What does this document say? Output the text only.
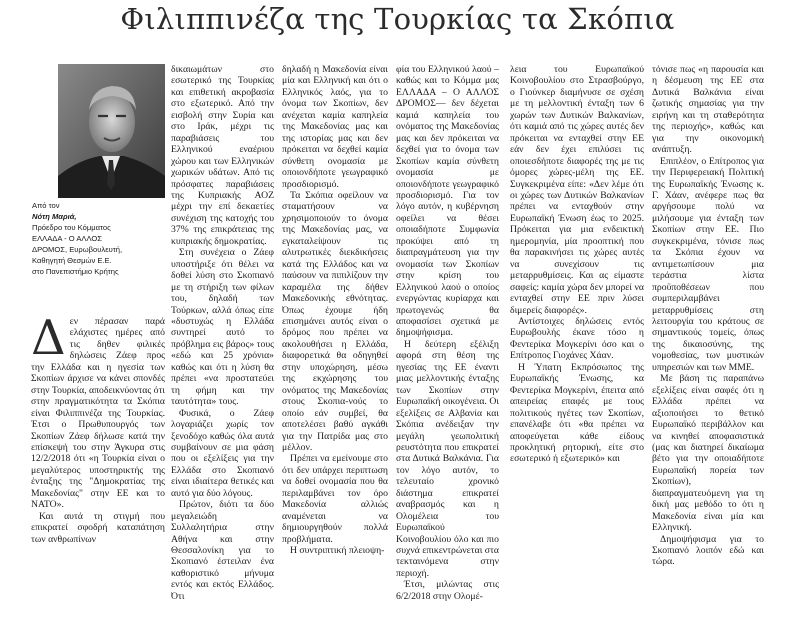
Φιλιππινέζα της Τουρκίας τα Σκόπια
Από τον
Νότη Μαριά,
Πρόεδρο του Κόμματος
ΕΛΛΑΔΑ - Ο ΑΛΛΟΣ
ΔΡΟΜΟΣ, Ευρωβουλευτή,
Καθηγητή Θεσμών Ε.Ε.
στο Πανεπιστήμιο Κρήτης
Δ εν πέρασαν παρά ελάχιστες ημέρες από τις δηθεν φιλικές δηλώσεις Ζάεφ προς την Ελλάδα και η ηγεσία των Σκοπίων άρχισε να κάνει σπονδές στην Τουρκία, αποδεικνύοντας ότι στην πραγματικότητα τα Σκόπια είναι Φιλιππινέζα της Τουρκίας. Έτσι ο Πρωθυπουργός των Σκοπίων Ζάεφ δήλωσε κατά την επίσκεψή του στην Άγκυρα στις 12/2/2018 ότι «η Τουρκία είναι ο μεγαλύτερος υποστηρικτής της ένταξης της "Δημοκρατίας της Μακεδονίας" στην ΕΕ και το ΝΑΤΟ».

Και αυτά τη στιγμή που επικρατεί σφοδρή καταπάτηση των ανθρωπίνων

δικαιωμάτων στο εσωτερικό της Τουρκίας και επιθετική ακροβασία στο εξωτερικό. Από την εισβολή στην Συρία και στο Ιράκ, μέχρι τις παραβιάσεις του Ελληνικού εναέριου χώρου και των Ελληνικών χωρικών υδάτων. Από τις πρόσφατες παραβιάσεις της Κυπριακής ΑΟΖ μέχρι την επί δεκαετίες συνέχιση της κατοχής του 37% της επικράτειας της κυπριακής δημοκρατίας.

Στη συνέχεια ο Ζάεφ υποστήριξε ότι θέλει να δοθεί λύση στο Σκοπιανό με τη στήριξη των φίλων του, δηλαδή των Τούρκων, αλλά όπως είπε «δυστυχώς η Ελλάδα συντηρεί αυτό το πρόβλημα εις βάρος» τους «εδώ και 25 χρόνια» καθώς και ότι η λύση θα πρέπει «να προστατεύει τη φήμη και την ταυτότητα» τους.

Φυσικά, ο Ζάεφ λογαριάζει χωρίς τον ξενοδόχο καθώς όλα αυτά συμβαίνουν σε μια φάση που οι εξελίξεις για την Ελλάδα στο Σκοπιανό είναι ιδιαίτερα θετικές και αυτό για δύο λόγους.

Πρώτον, διότι τα δύο μεγαλειώδη Συλλαλητήρια στην Αθήνα και στην Θεσσαλονίκη για το Σκοπιανό έστειλαν ένα καθοριστικό μήνυμα εντός και εκτός Ελλάδος. Ότι

δηλαδή η Μακεδονία είναι μία και Ελληνική και ότι ο Ελληνικός λαός, για το όνομα των Σκοπίων, δεν ανέχεται καμία καπηλεία της Μακεδονίας μας και της ιστορίας μας και δεν πρόκειται να δεχθεί καμία σύνθετη ονομασία με οποιονδήποτε γεωγραφικό προσδιορισμό.

Τα Σκόπια οφείλουν να σταματήσουν να χρησιμοποιούν το όνομα της Μακεδονίας μας, να εγκαταλείψουν τις αλυτρωτικές διεκδικήσεις κατά της Ελλάδος και να παύσουν να πιπιλίζουν την καραμέλα της δήθεν Μακεδονικής εθνότητας. Όπως έχουμε ήδη επισημάνει αυτός είναι ο δρόμος που πρέπει να ακολουθήσει η Ελλάδα, διαφορετικά θα οδηγηθεί στην υποχώρηση, μέσω της εκχώρησης του ονόματος της Μακεδονίας στους Σκοπια-νούς το οποίο εάν συμβεί, θα αποτελέσει βαθύ αγκάθι για την Πατρίδα μας στο μέλλον.

Πρέπει να εμείνουμε στο ότι δεν υπάρχει περιπτωση να δοθεί ονομασία που θα περιλαμβάνει τον όρο Μακεδονία αλλιώς αναμένεται να δημιουργηθούν πολλά προβλήματα.

Η συντριπτική πλειοψη-

φία του Ελληνικού λαού –καθώς και το Κόμμα μας ΕΛΛΑΔΑ – Ο ΑΛΛΟΣ ΔΡΟΜΟΣ— δεν δέχεται καμιά καπηλεία του ονόματος της Μακεδονίας μας και δεν πρόκειται να δεχθεί για το όνομα των Σκοπίων καμία σύνθετη ονομασία με οποιονδήποτε γεωγραφικό προσδιορισμό. Για τον λόγο αυτόν, η κυβέρνηση οφείλει να θέσει οποιαδήποτε Συμφωνία προκύψει από τη διαπραγμάτευση για την ονομασία των Σκοπίων στην κρίση του Ελληνικού λαού ο οποίος ενεργώντας κυρίαρχα και πρωτογενώς θα αποφασίσει σχετικά με δημοψήφισμα.

Η δεύτερη εξέλιξη αφορά στη θέση της ηγεσίας της ΕΕ έναντι μιας μελλοντικής ένταξης των Σκοπίων στην Ευρωπαϊκή οικογένεια. Οι εξελίξεις σε Αλβανία και Σκόπια ανέδειξαν την μεγάλη γεωπολιτική ρευστότητα που επικρατεί στα Δυτικά Βαλκάνια. Για τον λόγο αυτόν, το τελευταίο χρονικό διάστημα επικρατεί αναβρασμός και η Ολομέλεια του Ευρωπαϊκού Κοινοβουλίου όλο και πιο συχνά επικεντρώνεται στα τεκταινόμενα στην περιοχή.

Έτσι, μιλώντας στις 6/2/2018 στην Ολομέ-

λεια του Ευρωπαϊκού Κοινοβουλίου στο Στρασβούργο, ο Γιούνκερ διαμήνυσε σε σχέση με τη μελλοντική ένταξη των 6 χωρών των Δυτικών Βαλκανίων, ότι καμιά από τις χώρες αυτές δεν πρόκειται να ενταχθεί στην ΕΕ εάν δεν έχει επιλύσει τις οποιεσδήποτε διαφορές της με τις όμορες χώρες-μέλη της ΕΕ. Συγκεκριμένα είπε: «Δεν λέμε ότι οι χώρες των Δυτικών Βαλκανίων πρέπει να ενταχθούν στην Ευρωπαϊκή Ένωση έως το 2025. Πρόκειται για μια ενδεικτική ημερομηνία, μία προοπτική που θα παρακινήσει τις χώρες αυτές να συνεχίσουν τις μεταρρυθμίσεις. Και ας είμαστε σαφείς: καμία χώρα δεν μπορεί να ενταχθεί στην ΕΕ πριν λύσει διμερείς διαφορές».

Αντίστοιχες δηλώσεις εντός Ευρωβουλής έκανε τόσο η Φεντερίκα Μογκερίνι όσο και ο Επίτροπος Γιοχάνες Χάαν.

Η Ύπατη Εκπρόσωπος της Ευρωπαϊκής Ένωσης, κα Φεντερίκα Μογκερίνι, έπειτα από απειρείας επαφές με τους πολιτικούς ηγέτες των Σκοπίων, επανέλαβε ότι «θα πρέπει να αποφεύγεται κάθε είδους προκλητική ρητορική, είτε στο εσωτερικό ή εξωτερικό» και

τόνισε πως «η παρουσία και η δέσμευση της ΕΕ στα Δυτικά Βαλκάνια είναι ζωτικής σημασίας για την ειρήνη και τη σταθερότητα της περιοχής», καθώς και για την οικονομική ανάπτυξη.

Επιπλέον, ο Επίτροπος για την Περιφερειακή Πολιτική της Ευρωπαϊκής Ένωσης κ. Γ. Χάαν, ανέφερε πως θα αργήσουμε πολύ να μιλήσουμε για ένταξη των Σκοπίων στην ΕΕ. Πιο συγκεκριμένα, τόνισε πως τα Σκόπια έχουν να αντιμετωπίσουν μια τεράστια λίστα προϋποθέσεων που συμπεριλαμβάνει μεταρρυθμίσεις στη λειτουργία του κράτους σε σημαντικούς τομείς, όπως της δικαιοσύνης, της νομοθεσίας, των μυστικών υπηρεσιών και των ΜΜΕ.

Με βάση τις παραπάνω εξελίξεις είναι σαφές ότι η Ελλάδα πρέπει να αξιοποιήσει το θετικό Ευρωπαϊκό περιβάλλον και να κινηθεί αποφασιστικά (μας και διατηρεί δικαίωμα βέτο για την οποιαδήποτε Ευρωπαϊκή πορεία των Σκοπίων), διαπραγματευόμενη για τη δική μας μεθόδο το ότι η Μακεδονία είναι μία και Ελληνική.

Δημοψήφισμα για το Σκοπιανό λοιπόν εδώ και τώρα.
